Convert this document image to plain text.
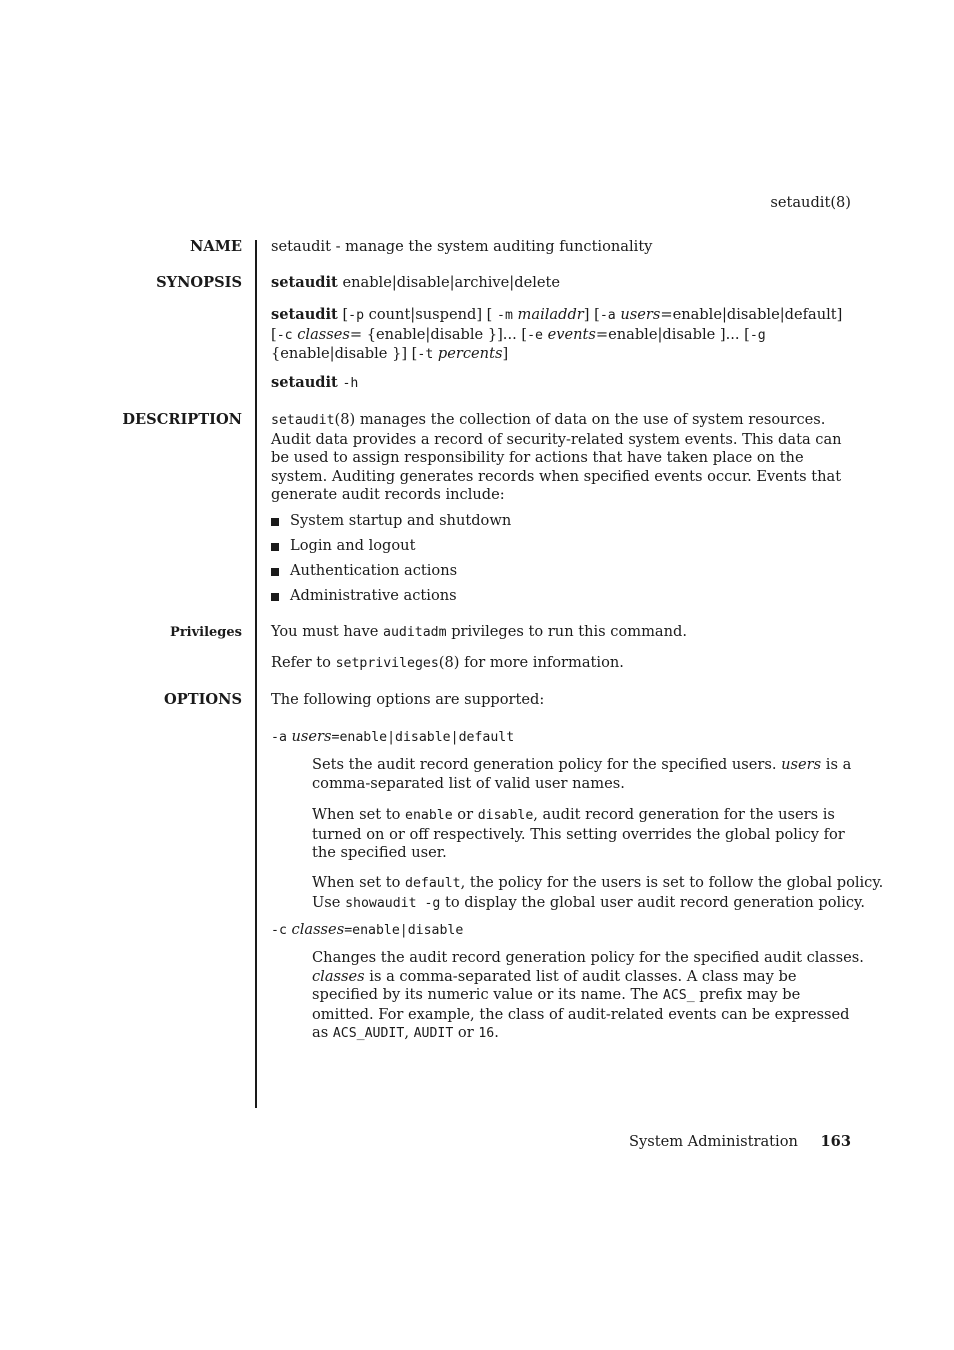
setaudit(8)
NAME setaudit - manage the system auditing functionality
SYNOPSIS setaudit enable|disable|archive|delete
setaudit [-p count|suspend] [ -m mailaddr] [-a users=enable|disable|default]
[-c classes= {enable|disable }]... [-e events=enable|disable ]... [-g
{enable|disable }] [-t percents]
setaudit -h
DESCRIPTION setaudit(8) manages the collection of data on the use of system resources. Audit data provides a record of security-related system events. This data can be used to assign responsibility for actions that have taken place on the system. Auditing generates records when specified events occur. Events that generate audit records include:
System startup and shutdown
Login and logout
Authentication actions
Administrative actions
Privileges You must have auditadm privileges to run this command.
Refer to setprivileges(8) for more information.
OPTIONS The following options are supported:
-a users=enable|disable|default
Sets the audit record generation policy for the specified users. users is a comma-separated list of valid user names.
When set to enable or disable, audit record generation for the users is turned on or off respectively. This setting overrides the global policy for the specified user.
When set to default, the policy for the users is set to follow the global policy.
Use showaudit -g to display the global user audit record generation policy.
-c classes=enable|disable
Changes the audit record generation policy for the specified audit classes. classes is a comma-separated list of audit classes. A class may be specified by its numeric value or its name. The ACS_ prefix may be omitted. For example, the class of audit-related events can be expressed as ACS_AUDIT, AUDIT or 16.
System Administration 163
